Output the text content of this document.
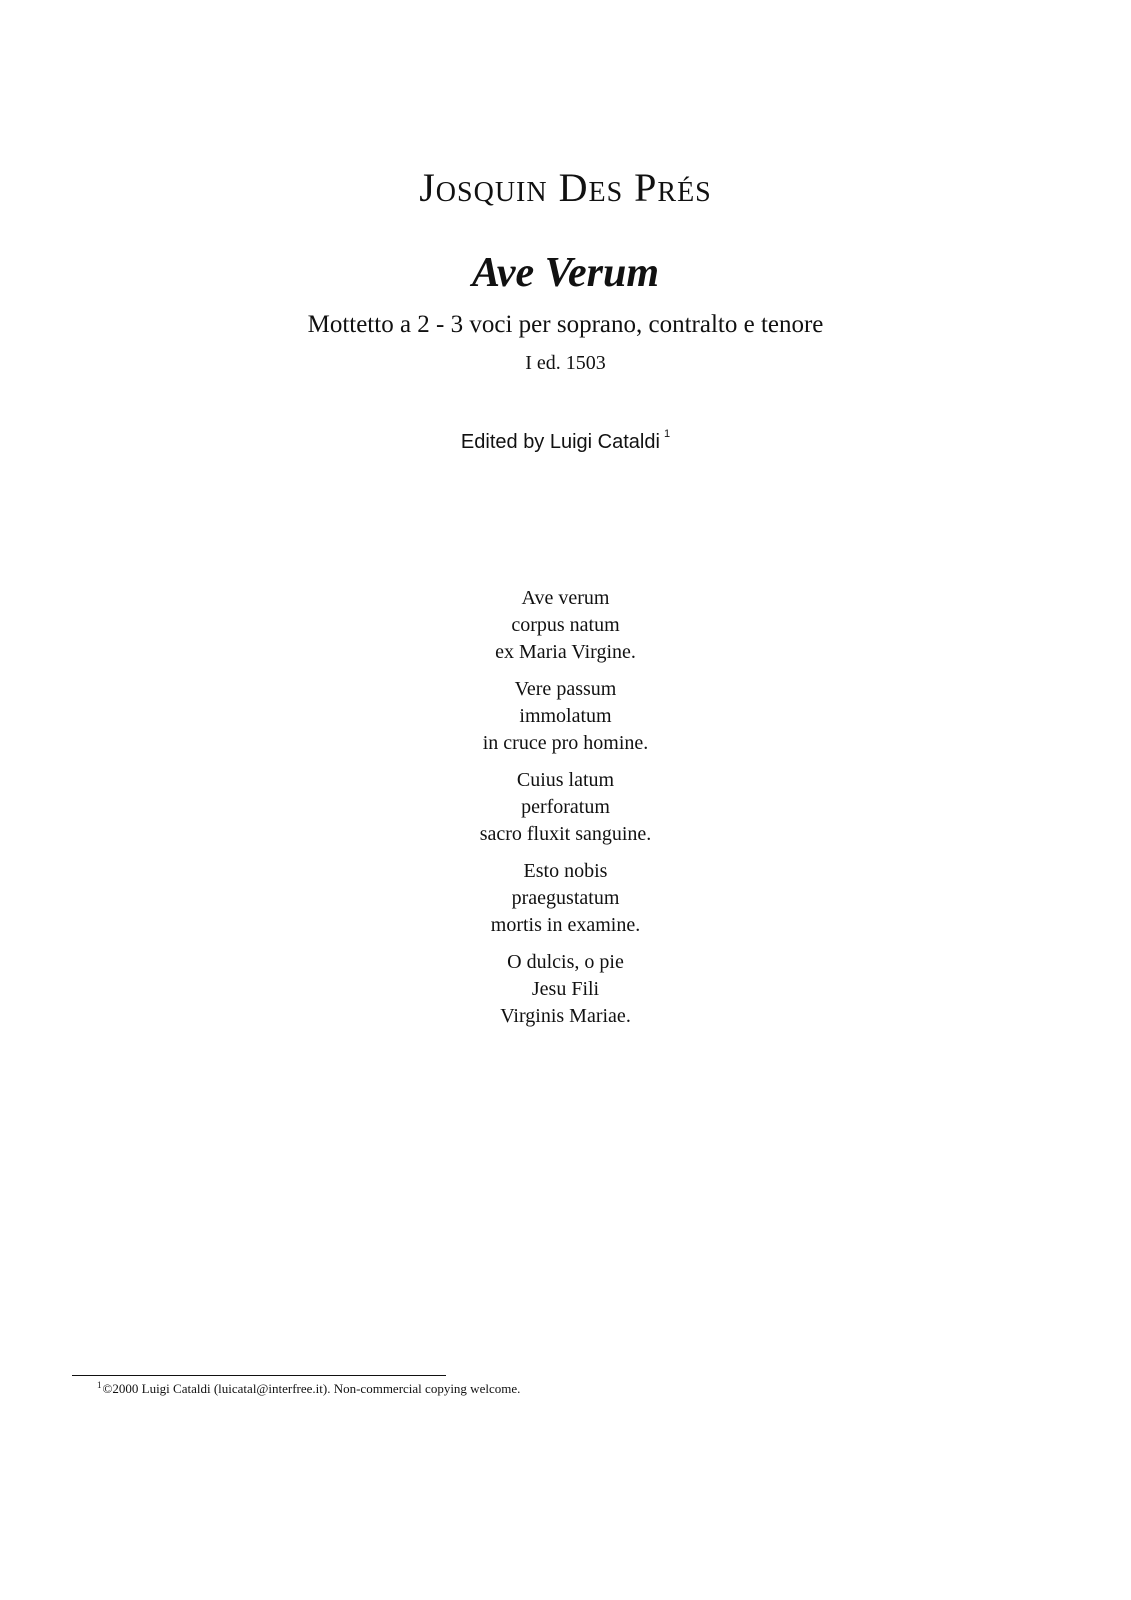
Josquin Des Prés
Ave Verum
Mottetto a 2 - 3 voci per soprano, contralto e tenore
I ed. 1503
Edited by Luigi Cataldi $^1$
Ave verum
corpus natum
ex Maria Virgine.
Vere passum
immolatum
in cruce pro homine.
Cuius latum
perforatum
sacro fluxit sanguine.
Esto nobis
praegustatum
mortis in examine.
O dulcis, o pie
Jesu Fili
Virginis Mariae.
$^1$©2000 Luigi Cataldi (luicatal@interfree.it). Non-commercial copying welcome.
